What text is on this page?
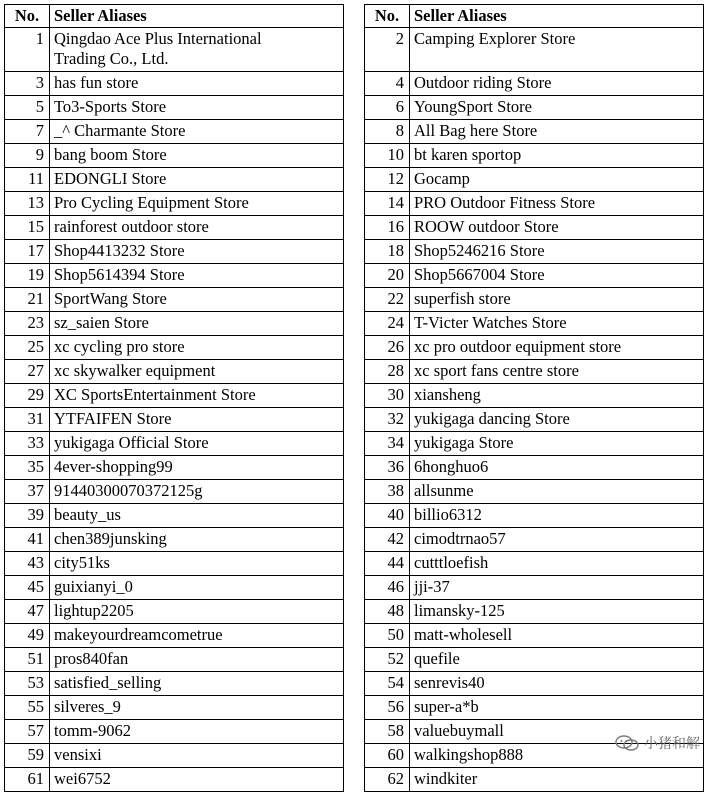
No.	Seller Aliases
1	Qingdao Ace Plus International
Trading Co., Ltd.
3	has fun store
5	To3-Sports Store
7	_^ Charmante Store
9	bang boom Store
11	EDONGLI Store
13	Pro Cycling Equipment Store
15	rainforest outdoor store
17	Shop4413232 Store
19	Shop5614394 Store
21	SportWang Store
23	sz_saien Store
25	xc cycling pro store
27	xc skywalker equipment
29	XC SportsEntertainment Store
31	YTFAIFEN Store
33	yukigaga Official Store
35	4ever-shopping99
37	91440300070372125g
39	beauty_us
41	chen389junsking
43	city51ks
45	guixianyi_0
47	lightup2205
49	makeyourdreamcometrue
51	pros840fan
53	satisfied_selling
55	silveres_9
57	tomm-9062
59	vensixi
61	wei6752
No.	Seller Aliases
2	Camping Explorer Store
4	Outdoor riding Store
6	YoungSport Store
8	All Bag here Store
10	bt karen sportop
12	Gocamp
14	PRO Outdoor Fitness Store
16	ROOW outdoor Store
18	Shop5246216 Store
20	Shop5667004 Store
22	superfish store
24	T-Victer Watches Store
26	xc pro outdoor equipment store
28	xc sport fans centre store
30	xiansheng
32	yukigaga dancing Store
34	yukigaga Store
36	6honghuo6
38	allsunme
40	billio6312
42	cimodtrnao57
44	cutttloefish
46	jji-37
48	limansky-125
50	matt-wholesell
52	quefile
54	senrevis40
56	super-a*b
58	valuebuymall
60	walkingshop888
62	windkiter
小猪和解
